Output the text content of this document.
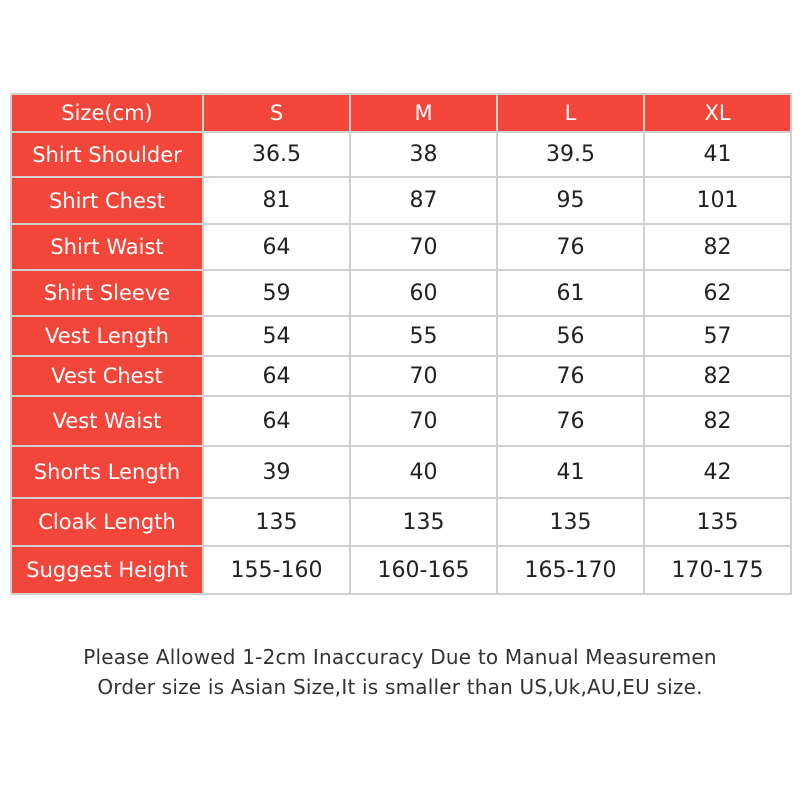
Size(cm)	S	M	L	XL
Shirt Shoulder	36.5	38	39.5	41
Shirt Chest	81	87	95	101
Shirt Waist	64	70	76	82
Shirt Sleeve	59	60	61	62
Vest Length	54	55	56	57
Vest Chest	64	70	76	82
Vest Waist	64	70	76	82
Shorts Length	39	40	41	42
Cloak Length	135	135	135	135
Suggest Height	155-160	160-165	165-170	170-175
Please Allowed 1-2cm Inaccuracy Due to Manual Measuremen
Order size is Asian Size,It is smaller than US,Uk,AU,EU size.
